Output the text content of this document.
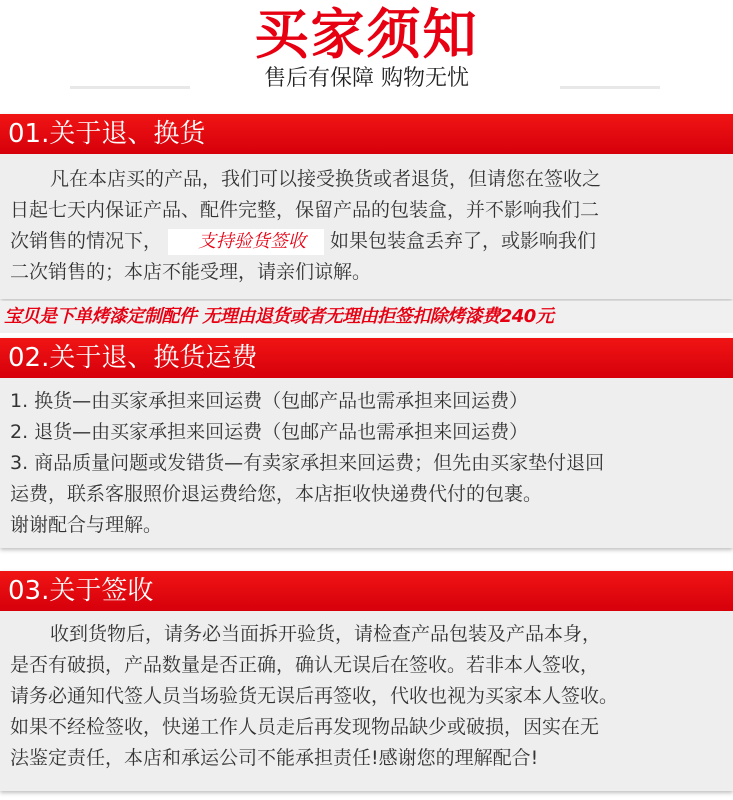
买家须知
售后有保障 购物无忧
01.关于退、换货
凡在本店买的产品，我们可以接受换货或者退货，但请您在签收之
日起七天内保证产品、配件完整，保留产品的包装盒，并不影响我们二
次销售的情况下， 支持验货签收 如果包装盒丢弃了，或影响我们
二次销售的；本店不能受理，请亲们谅解。
宝贝是下单烤漆定制配件 无理由退货或者无理由拒签扣除烤漆费240元
02.关于退、换货运费
1. 换货—由买家承担来回运费（包邮产品也需承担来回运费）
2. 退货—由买家承担来回运费（包邮产品也需承担来回运费）
3. 商品质量问题或发错货—有卖家承担来回运费；但先由买家垫付退回
运费，联系客服照价退运费给您，本店拒收快递费代付的包裹。
谢谢配合与理解。
03.关于签收
收到货物后，请务必当面拆开验货，请检查产品包装及产品本身，
是否有破损，产品数量是否正确，确认无误后在签收。若非本人签收，
请务必通知代签人员当场验货无误后再签收，代收也视为买家本人签收。
如果不经检签收，快递工作人员走后再发现物品缺少或破损，因实在无
法鉴定责任，本店和承运公司不能承担责任!感谢您的理解配合!
